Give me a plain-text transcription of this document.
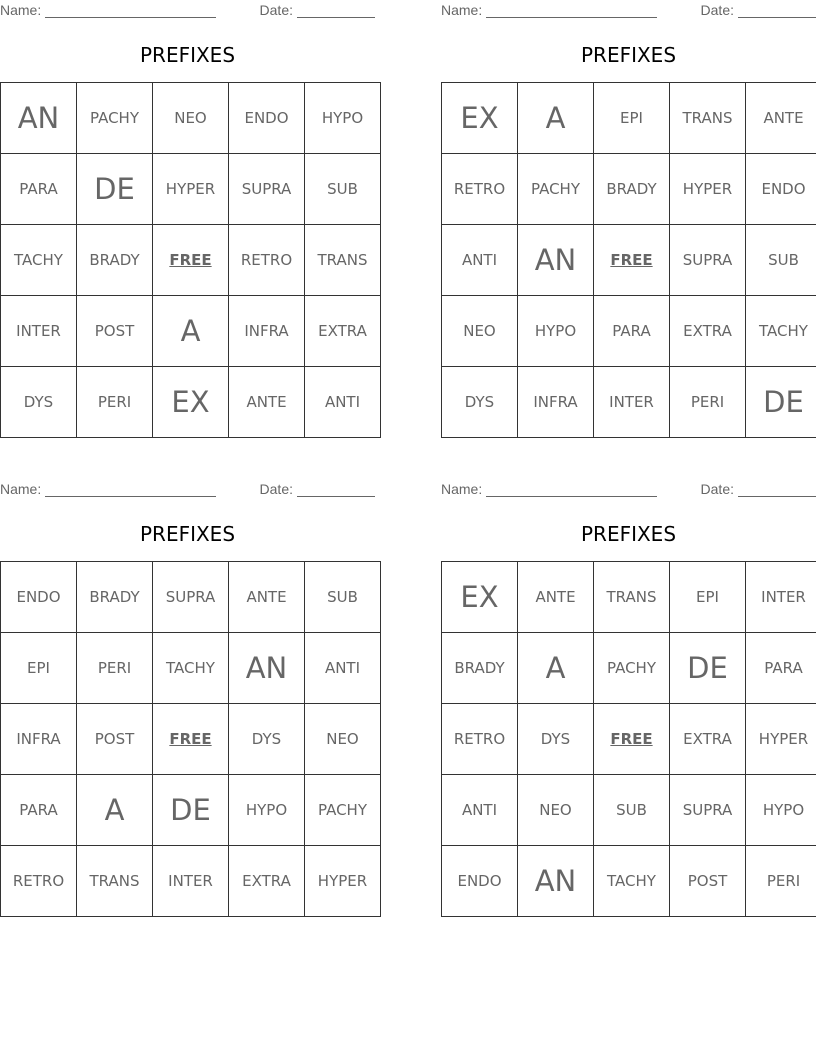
Name:	Date:
PREFIXES
AN	PACHY	NEO	ENDO	HYPO
PARA	DE	HYPER	SUPRA	SUB
TACHY	BRADY	FREE	RETRO	TRANS
INTER	POST	A	INFRA	EXTRA
DYS	PERI	EX	ANTE	ANTI
Name:	Date:
PREFIXES
EX	A	EPI	TRANS	ANTE
RETRO	PACHY	BRADY	HYPER	ENDO
ANTI	AN	FREE	SUPRA	SUB
NEO	HYPO	PARA	EXTRA	TACHY
DYS	INFRA	INTER	PERI	DE
Name:	Date:
PREFIXES
ENDO	BRADY	SUPRA	ANTE	SUB
EPI	PERI	TACHY	AN	ANTI
INFRA	POST	FREE	DYS	NEO
PARA	A	DE	HYPO	PACHY
RETRO	TRANS	INTER	EXTRA	HYPER
Name:	Date:
PREFIXES
EX	ANTE	TRANS	EPI	INTER
BRADY	A	PACHY	DE	PARA
RETRO	DYS	FREE	EXTRA	HYPER
ANTI	NEO	SUB	SUPRA	HYPO
ENDO	AN	TACHY	POST	PERI
